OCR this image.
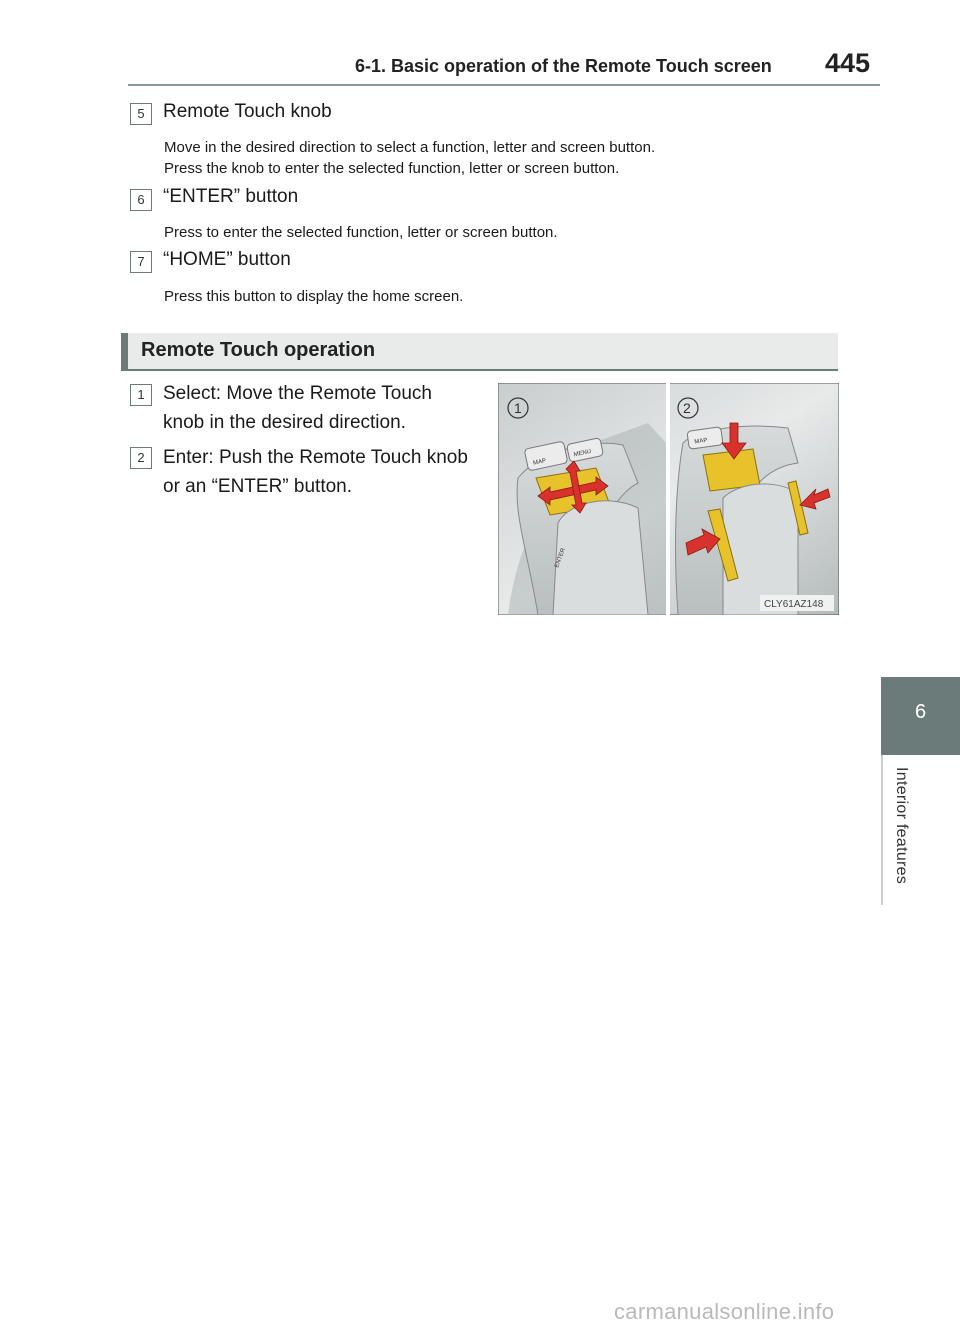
6-1. Basic operation of the Remote Touch screen 445
6
Interior features
5 Remote Touch knob
Move in the desired direction to select a function, letter and screen button.
Press the knob to enter the selected function, letter or screen button.
6 “ENTER” button
Press to enter the selected function, letter or screen button.
7 “HOME” button
Press this button to display the home screen.
Remote Touch operation
1 Select: Move the Remote Touch
knob in the desired direction.
2 Enter: Push the Remote Touch knob
or an “ENTER” button.
MAP
MENU
ENTER
1
MAP
2
CLY61AZ148
carmanualsonline.info
